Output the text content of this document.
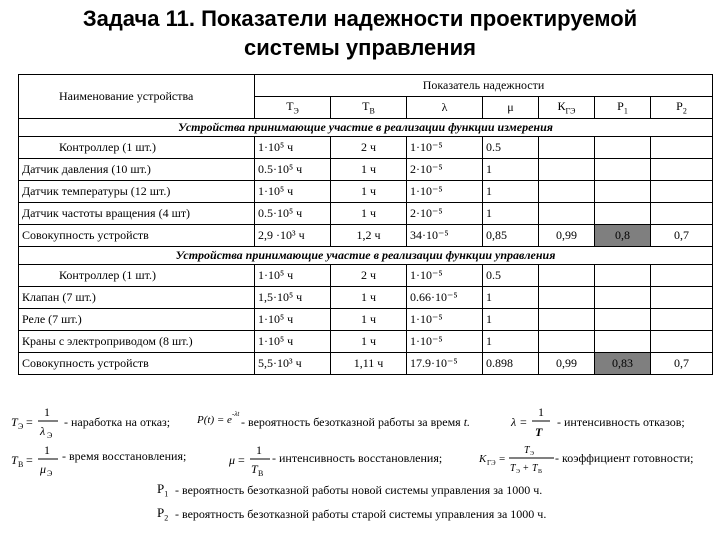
Задача 11. Показатели надежности проектируемой
системы управления
Наименование устройства	Показатель надежности						
	$Т_Э$	$Т_В$	λ	μ	$К_{ГЭ}$	$P_1$	$P_2$
Устройства принимающие участие в реализации функции измерения							
Контроллер (1 шт.)	1·10⁵ ч	2 ч	1·10⁻⁵	0.5			
Датчик давления (10 шт.)	0.5·10⁵ ч	1 ч	2·10⁻⁵	1			
Датчик температуры (12 шт.)	1·10⁵ ч	1 ч	1·10⁻⁵	1			
Датчик частоты вращения (4 шт)	0.5·10⁵ ч	1 ч	2·10⁻⁵	1			
Совокупность устройств	2,9 ·10³ ч	1,2 ч	34·10⁻⁵	0,85	0,99	0,8	0,7
Устройства принимающие участие в реализации функции управления							
Контроллер (1 шт.)	1·10⁵ ч	2 ч	1·10⁻⁵	0.5			
Клапан (7 шт.)	1,5·10⁵ ч	1 ч	0.66·10⁻⁵	1			
Реле (7 шт.)	1·10⁵ ч	1 ч	1·10⁻⁵	1			
Краны с электроприводом (8 шт.)	1·10⁵ ч	1 ч	1·10⁻⁵	1			
Совокупность устройств	5,5·10³ ч	1,11 ч	17.9·10⁻⁵	0.898	0,99	0,83	0,7
T Э =
1
λ Э
- наработка на отказ; P(t) = e -λt
- вероятность безотказной работы за время t.	λ =
1
T
- интенсивность отказов;
T В =
1
μ Э
- время восстановления;	μ =
1
T В
- интенсивность восстановления;	K ГЭ =
T Э
T Э + T В
- коэффициент готовности;
$P_1$ - вероятность безотказной работы новой системы управления за 1000 ч.
$P_2$ - вероятность безотказной работы старой системы управления за 1000 ч.
